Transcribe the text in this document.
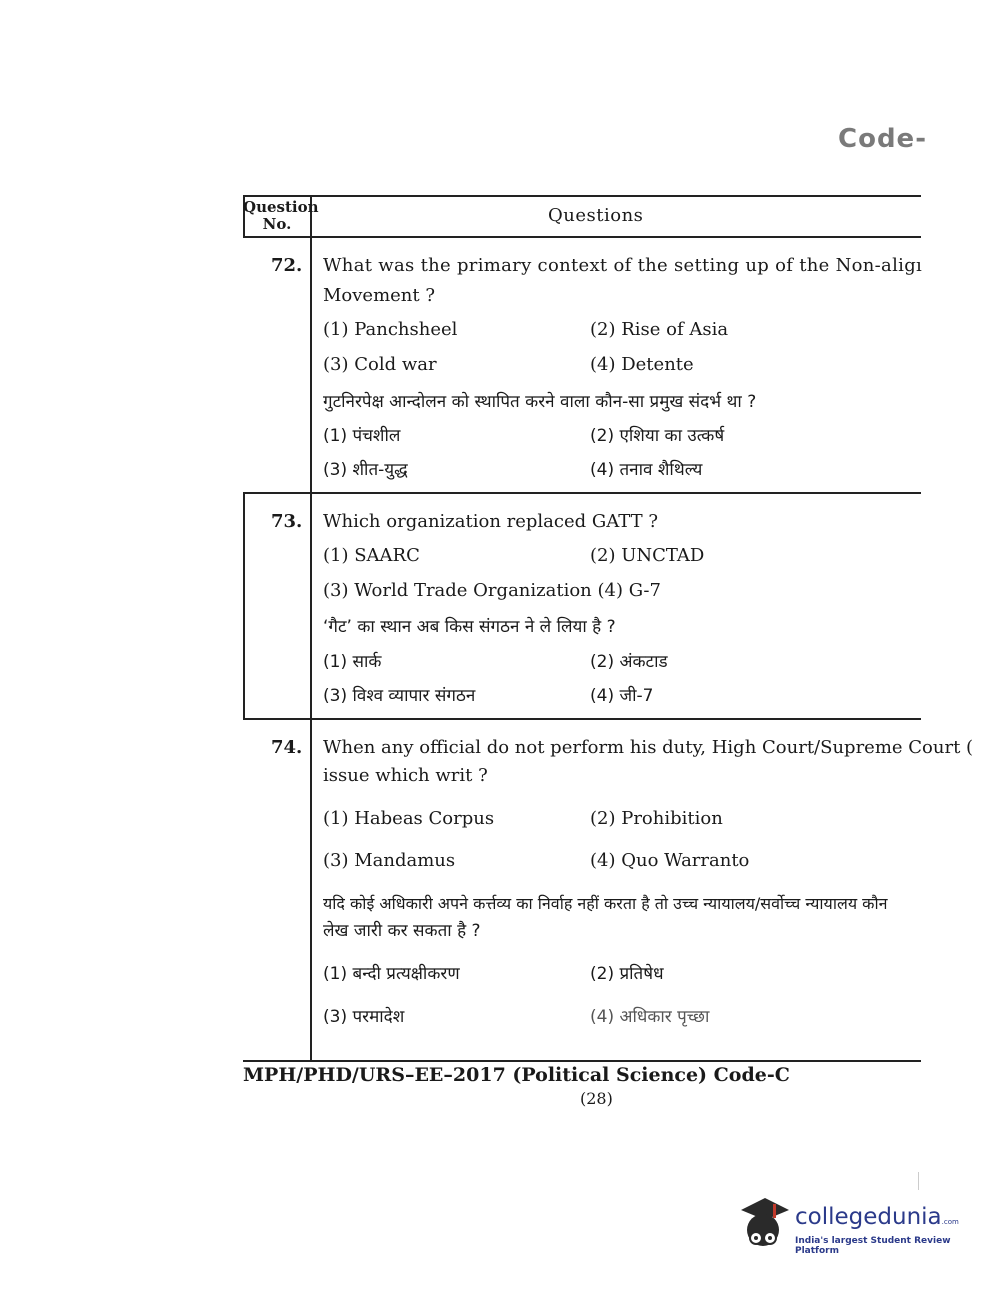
Code-
Question No.	Questions
72. What was the primary context of the setting up of the Non-aligı
Movement ?
(1) Panchsheel	(2) Rise of Asia
(3) Cold war	(4) Detente
गुटनिरपेक्ष आन्दोलन को स्थापित करने वाला कौन-सा प्रमुख संदर्भ था ?
(1) पंचशील	(2) एशिया का उत्कर्ष
(3) शीत-युद्ध	(4) तनाव शैथिल्य
73. Which organization replaced GATT ?
(1) SAARC	(2) UNCTAD
(3) World Trade Organization (4) G-7
‘गैट’ का स्थान अब किस संगठन ने ले लिया है ?
(1) सार्क	(2) अंकटाड
(3) विश्व व्यापार संगठन	(4) जी-7
74. When any official do not perform his duty, High Court/Supreme Court (
issue which writ ?
(1) Habeas Corpus	(2) Prohibition
(3) Mandamus	(4) Quo Warranto
यदि कोई अधिकारी अपने कर्त्तव्य का निर्वाह नहीं करता है तो उच्च न्यायालय/सर्वोच्च न्यायालय कौन
लेख जारी कर सकता है ?
(1) बन्दी प्रत्यक्षीकरण	(2) प्रतिषेध
(3) परमादेश	(4) अधिकार पृच्छा
MPH/PHD/URS–EE–2017 (Political Science) Code-C
(28)
collegedunia.com
India's largest Student Review Platform
